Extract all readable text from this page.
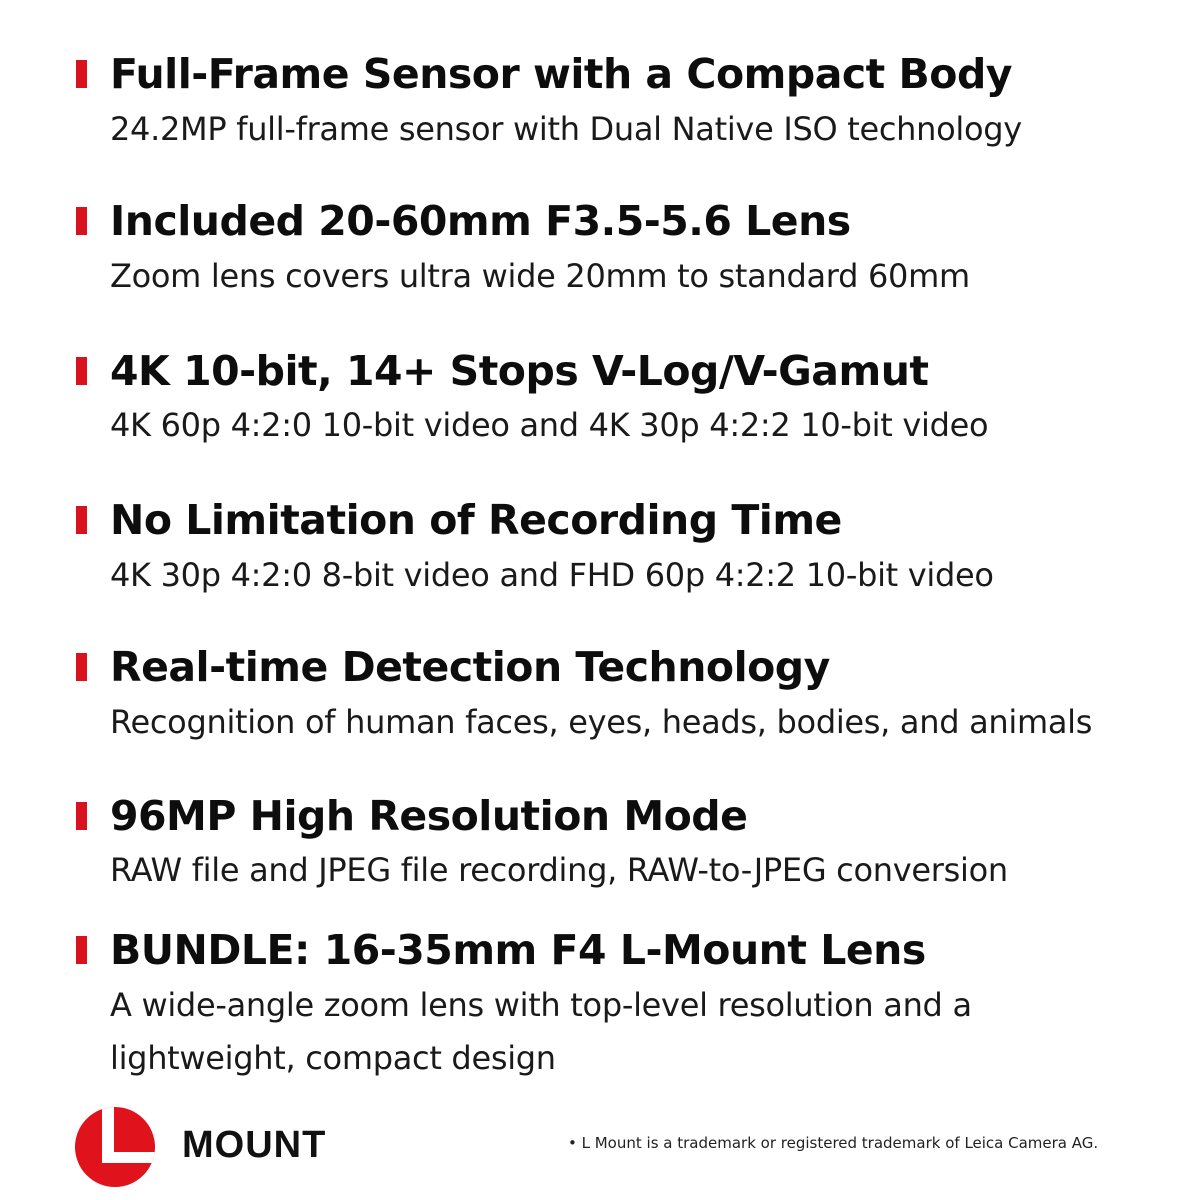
Full-Frame Sensor with a Compact Body
24.2MP full-frame sensor with Dual Native ISO technology
Included 20-60mm F3.5-5.6 Lens
Zoom lens covers ultra wide 20mm to standard 60mm
4K 10-bit, 14+ Stops V-Log/V-Gamut
4K 60p 4:2:0 10-bit video and 4K 30p 4:2:2 10-bit video
No Limitation of Recording Time
4K 30p 4:2:0 8-bit video and FHD 60p 4:2:2 10-bit video
Real-time Detection Technology
Recognition of human faces, eyes, heads, bodies, and animals
96MP High Resolution Mode
RAW file and JPEG file recording, RAW-to-JPEG conversion
BUNDLE: 16-35mm F4 L-Mount Lens
A wide-angle zoom lens with top-level resolution and a
lightweight, compact design
MOUNT	• L Mount is a trademark or registered trademark of Leica Camera AG.
